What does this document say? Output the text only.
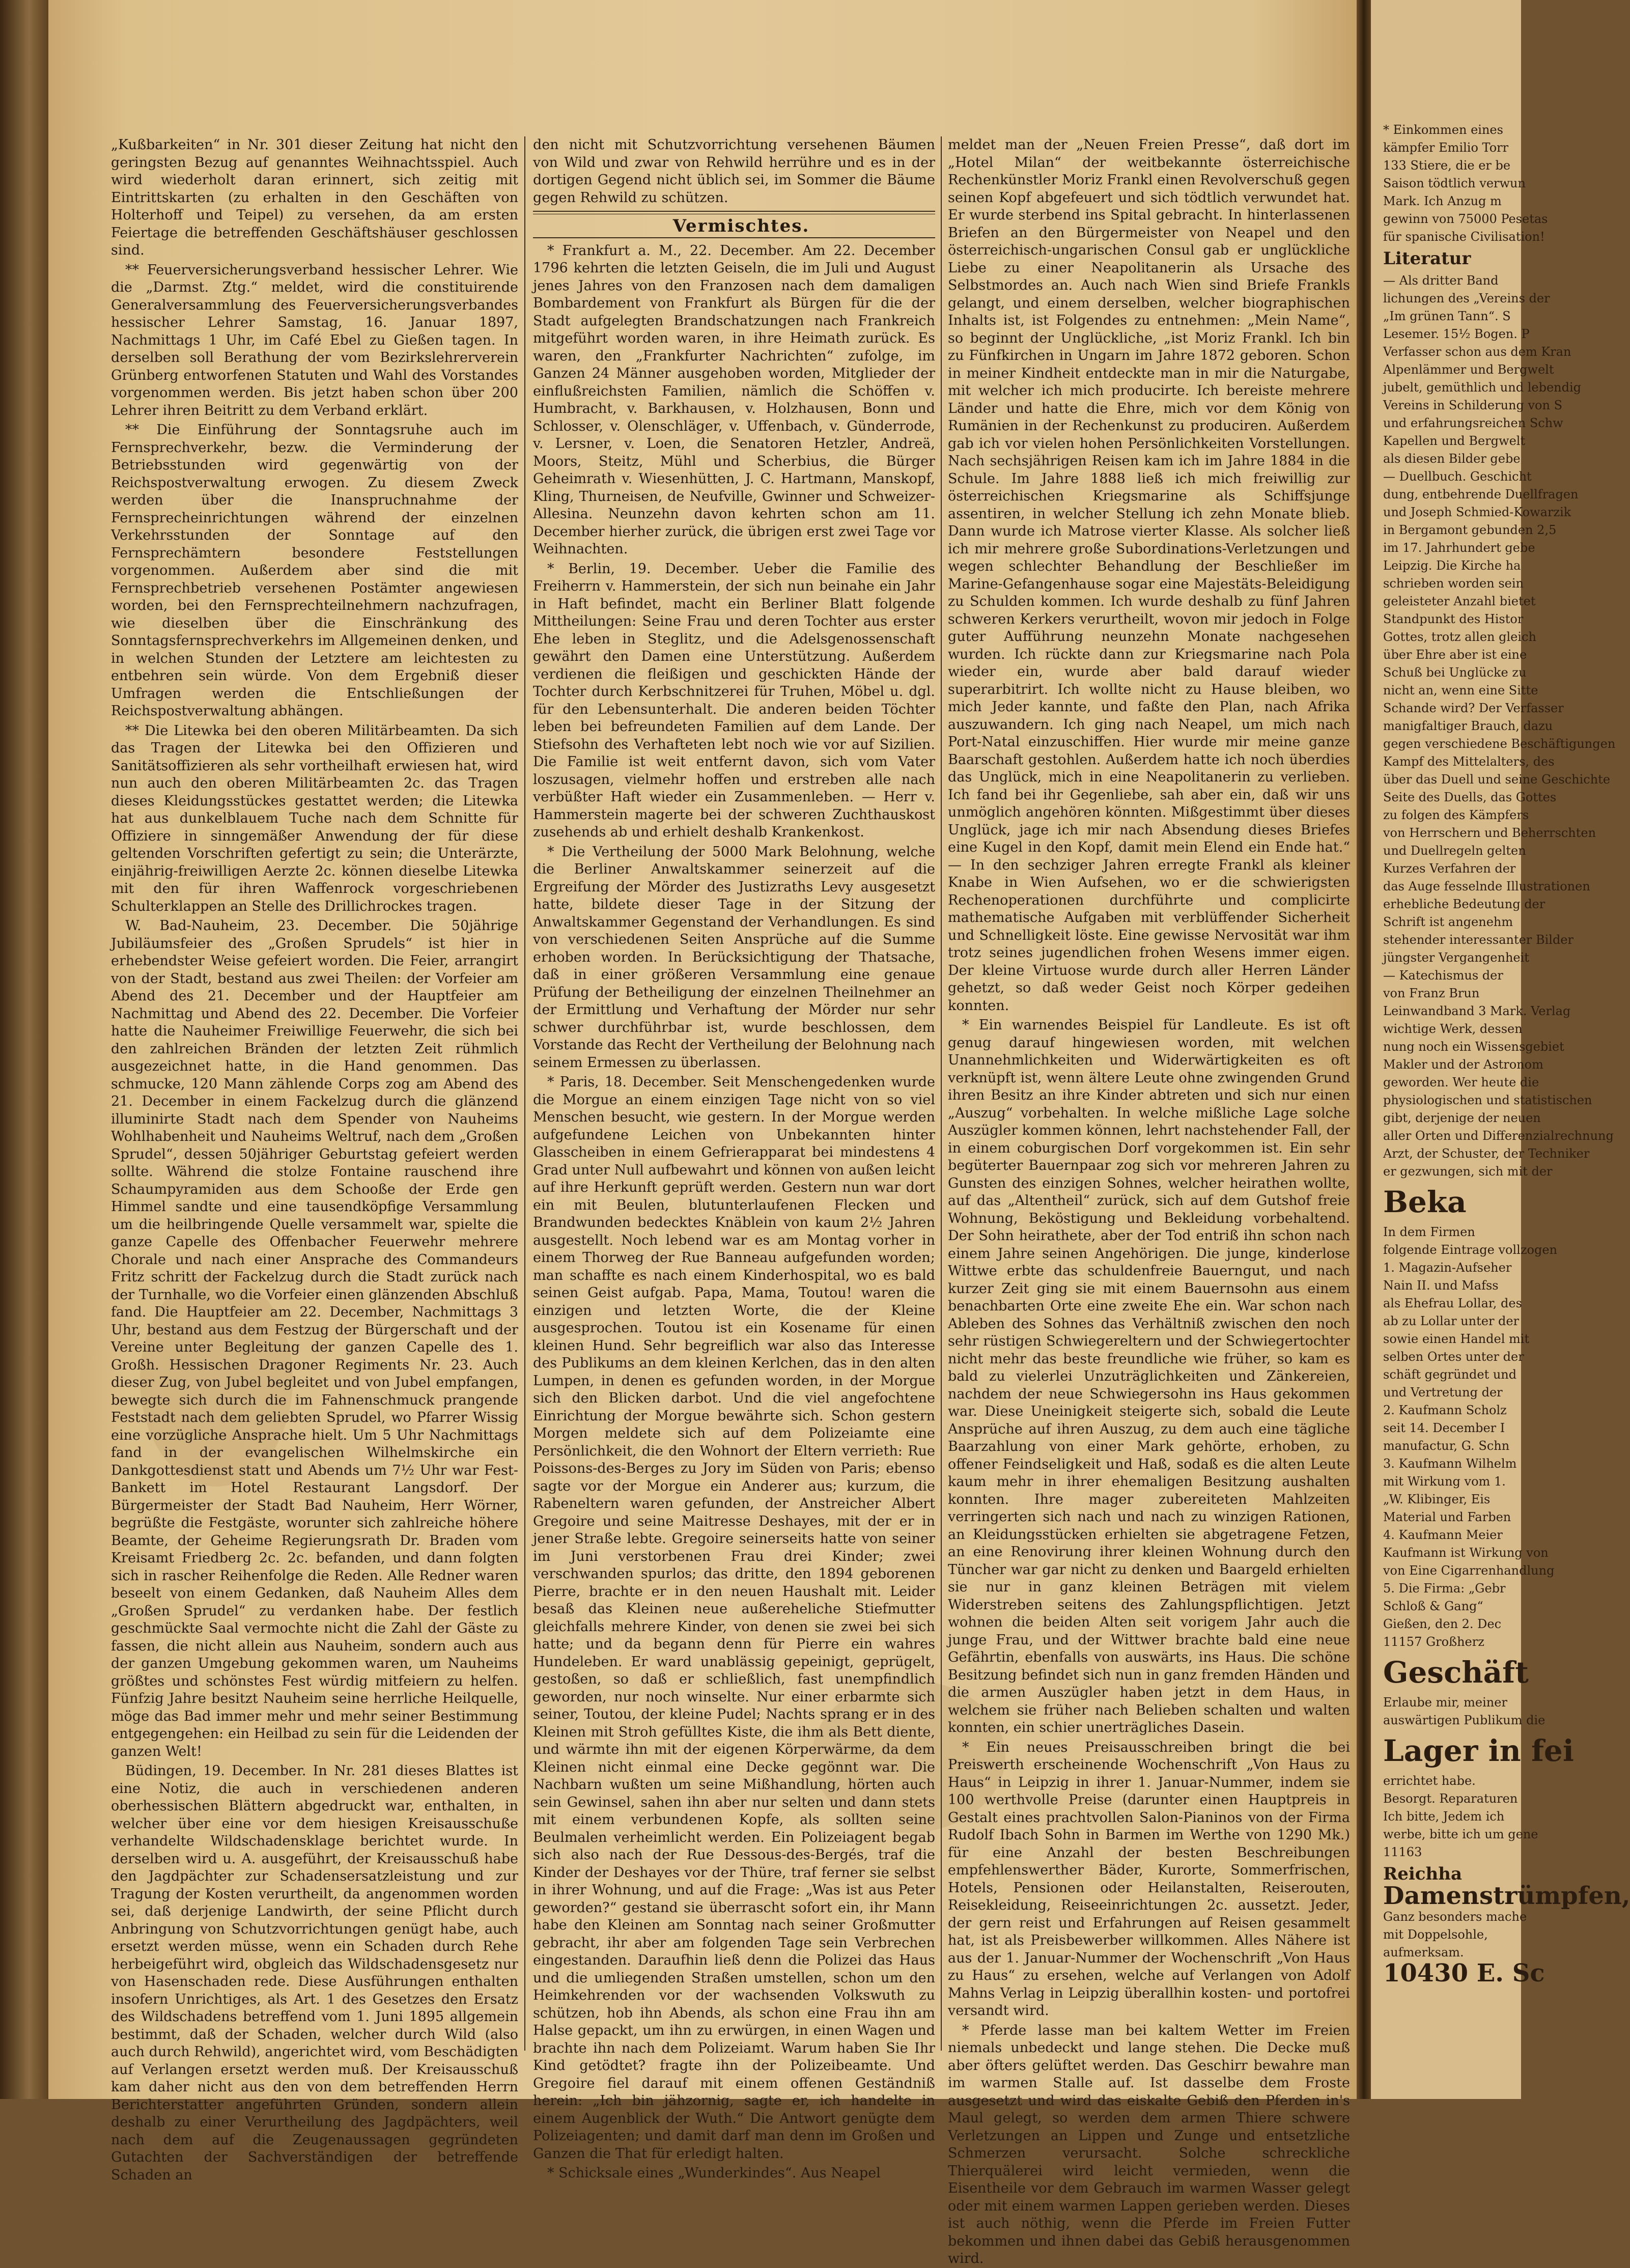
„Kußbarkeiten“ in Nr. 301 dieser Zeitung hat nicht den geringsten Bezug auf genanntes Weihnachtsspiel. Auch wird wiederholt daran erinnert, sich zeitig mit Eintrittskarten (zu erhalten in den Geschäften von Holterhoff und Teipel) zu versehen, da am ersten Feiertage die betreffenden Geschäftshäuser geschlossen sind.

** Feuerversicherungsverband hessischer Lehrer. Wie die „Darmst. Ztg.“ meldet, wird die constituirende Generalversammlung des Feuerversicherungsverbandes hessischer Lehrer Samstag, 16. Januar 1897, Nachmittags 1 Uhr, im Café Ebel zu Gießen tagen. In derselben soll Berathung der vom Bezirkslehrerverein Grünberg entworfenen Statuten und Wahl des Vorstandes vorgenommen werden. Bis jetzt haben schon über 200 Lehrer ihren Beitritt zu dem Verband erklärt.

** Die Einführung der Sonntagsruhe auch im Fernsprechverkehr, bezw. die Verminderung der Betriebsstunden wird gegenwärtig von der Reichspostverwaltung erwogen. Zu diesem Zweck werden über die Inanspruchnahme der Fernsprecheinrichtungen während der einzelnen Verkehrsstunden der Sonntage auf den Fernsprechämtern besondere Feststellungen vorgenommen. Außerdem aber sind die mit Fernsprechbetrieb versehenen Postämter angewiesen worden, bei den Fernsprechteilnehmern nachzufragen, wie dieselben über die Einschränkung des Sonntagsfernsprechverkehrs im Allgemeinen denken, und in welchen Stunden der Letztere am leichtesten zu entbehren sein würde. Von dem Ergebniß dieser Umfragen werden die Entschließungen der Reichspostverwaltung abhängen.

** Die Litewka bei den oberen Militärbeamten. Da sich das Tragen der Litewka bei den Offizieren und Sanitätsoffizieren als sehr vortheilhaft erwiesen hat, wird nun auch den oberen Militärbeamten 2c. das Tragen dieses Kleidungsstückes gestattet werden; die Litewka hat aus dunkelblauem Tuche nach dem Schnitte für Offiziere in sinngemäßer Anwendung der für diese geltenden Vorschriften gefertigt zu sein; die Unterärzte, einjährig-freiwilligen Aerzte 2c. können dieselbe Litewka mit den für ihren Waffenrock vorgeschriebenen Schulterklappen an Stelle des Drillichrockes tragen.

W. Bad-Nauheim, 23. December. Die 50jährige Jubiläumsfeier des „Großen Sprudels“ ist hier in erhebendster Weise gefeiert worden. Die Feier, arrangirt von der Stadt, bestand aus zwei Theilen: der Vorfeier am Abend des 21. December und der Hauptfeier am Nachmittag und Abend des 22. December. Die Vorfeier hatte die Nauheimer Freiwillige Feuerwehr, die sich bei den zahlreichen Bränden der letzten Zeit rühmlich ausgezeichnet hatte, in die Hand genommen. Das schmucke, 120 Mann zählende Corps zog am Abend des 21. December in einem Fackelzug durch die glänzend illuminirte Stadt nach dem Spender von Nauheims Wohlhabenheit und Nauheims Weltruf, nach dem „Großen Sprudel“, dessen 50jähriger Geburtstag gefeiert werden sollte. Während die stolze Fontaine rauschend ihre Schaumpyramiden aus dem Schooße der Erde gen Himmel sandte und eine tausendköpfige Versammlung um die heilbringende Quelle versammelt war, spielte die ganze Capelle des Offenbacher Feuerwehr mehrere Chorale und nach einer Ansprache des Commandeurs Fritz schritt der Fackelzug durch die Stadt zurück nach der Turnhalle, wo die Vorfeier einen glänzenden Abschluß fand. Die Hauptfeier am 22. December, Nachmittags 3 Uhr, bestand aus dem Festzug der Bürgerschaft und der Vereine unter Begleitung der ganzen Capelle des 1. Großh. Hessischen Dragoner Regiments Nr. 23. Auch dieser Zug, von Jubel begleitet und von Jubel empfangen, bewegte sich durch die im Fahnenschmuck prangende Feststadt nach dem geliebten Sprudel, wo Pfarrer Wissig eine vorzügliche Ansprache hielt. Um 5 Uhr Nachmittags fand in der evangelischen Wilhelmskirche ein Dankgottesdienst statt und Abends um 7½ Uhr war Fest-Bankett im Hotel Restaurant Langsdorf. Der Bürgermeister der Stadt Bad Nauheim, Herr Wörner, begrüßte die Festgäste, worunter sich zahlreiche höhere Beamte, der Geheime Regierungsrath Dr. Braden vom Kreisamt Friedberg 2c. 2c. befanden, und dann folgten sich in rascher Reihenfolge die Reden. Alle Redner waren beseelt von einem Gedanken, daß Nauheim Alles dem „Großen Sprudel“ zu verdanken habe. Der festlich geschmückte Saal vermochte nicht die Zahl der Gäste zu fassen, die nicht allein aus Nauheim, sondern auch aus der ganzen Umgebung gekommen waren, um Nauheims größtes und schönstes Fest würdig mitfeiern zu helfen. Fünfzig Jahre besitzt Nauheim seine herrliche Heilquelle, möge das Bad immer mehr und mehr seiner Bestimmung entgegengehen: ein Heilbad zu sein für die Leidenden der ganzen Welt!

Büdingen, 19. December. In Nr. 281 dieses Blattes ist eine Notiz, die auch in verschiedenen anderen oberhessischen Blättern abgedruckt war, enthalten, in welcher über eine vor dem hiesigen Kreisausschuße verhandelte Wildschadensklage berichtet wurde. In derselben wird u. A. ausgeführt, der Kreisausschuß habe den Jagdpächter zur Schadensersatzleistung und zur Tragung der Kosten verurtheilt, da angenommen worden sei, daß derjenige Landwirth, der seine Pflicht durch Anbringung von Schutzvorrichtungen genügt habe, auch ersetzt werden müsse, wenn ein Schaden durch Rehe herbeigeführt wird, obgleich das Wildschadensgesetz nur von Hasenschaden rede. Diese Ausführungen enthalten insofern Unrichtiges, als Art. 1 des Gesetzes den Ersatz des Wildschadens betreffend vom 1. Juni 1895 allgemein bestimmt, daß der Schaden, welcher durch Wild (also auch durch Rehwild), angerichtet wird, vom Beschädigten auf Verlangen ersetzt werden muß. Der Kreisausschuß kam daher nicht aus den von dem betreffenden Herrn Berichterstatter angeführten Gründen, sondern allein deshalb zu einer Verurtheilung des Jagdpächters, weil nach dem auf die Zeugenaussagen gegründeten Gutachten der Sachverständigen der betreffende Schaden an

den nicht mit Schutzvorrichtung versehenen Bäumen von Wild und zwar von Rehwild herrühre und es in der dortigen Gegend nicht üblich sei, im Sommer die Bäume gegen Rehwild zu schützen.

Vermischtes.

* Frankfurt a. M., 22. December. Am 22. December 1796 kehrten die letzten Geiseln, die im Juli und August jenes Jahres von den Franzosen nach dem damaligen Bombardement von Frankfurt als Bürgen für die der Stadt aufgelegten Brandschatzungen nach Frankreich mitgeführt worden waren, in ihre Heimath zurück. Es waren, den „Frankfurter Nachrichten“ zufolge, im Ganzen 24 Männer ausgehoben worden, Mitglieder der einflußreichsten Familien, nämlich die Schöffen v. Humbracht, v. Barkhausen, v. Holzhausen, Bonn und Schlosser, v. Olenschläger, v. Uffenbach, v. Günderrode, v. Lersner, v. Loen, die Senatoren Hetzler, Andreä, Moors, Steitz, Mühl und Scherbius, die Bürger Geheimrath v. Wiesenhütten, J. C. Hartmann, Manskopf, Kling, Thurneisen, de Neufville, Gwinner und Schweizer-Allesina. Neunzehn davon kehrten schon am 11. December hierher zurück, die übrigen erst zwei Tage vor Weihnachten.

* Berlin, 19. December. Ueber die Familie des Freiherrn v. Hammerstein, der sich nun beinahe ein Jahr in Haft befindet, macht ein Berliner Blatt folgende Mittheilungen: Seine Frau und deren Tochter aus erster Ehe leben in Steglitz, und die Adelsgenossenschaft gewährt den Damen eine Unterstützung. Außerdem verdienen die fleißigen und geschickten Hände der Tochter durch Kerbschnitzerei für Truhen, Möbel u. dgl. für den Lebensunterhalt. Die anderen beiden Töchter leben bei befreundeten Familien auf dem Lande. Der Stiefsohn des Verhafteten lebt noch wie vor auf Sizilien. Die Familie ist weit entfernt davon, sich vom Vater loszusagen, vielmehr hoffen und erstreben alle nach verbüßter Haft wieder ein Zusammenleben. — Herr v. Hammerstein magerte bei der schweren Zuchthauskost zusehends ab und erhielt deshalb Krankenkost.

* Die Vertheilung der 5000 Mark Belohnung, welche die Berliner Anwaltskammer seinerzeit auf die Ergreifung der Mörder des Justizraths Levy ausgesetzt hatte, bildete dieser Tage in der Sitzung der Anwaltskammer Gegenstand der Verhandlungen. Es sind von verschiedenen Seiten Ansprüche auf die Summe erhoben worden. In Berücksichtigung der Thatsache, daß in einer größeren Versammlung eine genaue Prüfung der Betheiligung der einzelnen Theilnehmer an der Ermittlung und Verhaftung der Mörder nur sehr schwer durchführbar ist, wurde beschlossen, dem Vorstande das Recht der Vertheilung der Belohnung nach seinem Ermessen zu überlassen.

* Paris, 18. December. Seit Menschengedenken wurde die Morgue an einem einzigen Tage nicht von so viel Menschen besucht, wie gestern. In der Morgue werden aufgefundene Leichen von Unbekannten hinter Glasscheiben in einem Gefrierapparat bei mindestens 4 Grad unter Null aufbewahrt und können von außen leicht auf ihre Herkunft geprüft werden. Gestern nun war dort ein mit Beulen, blutunterlaufenen Flecken und Brandwunden bedecktes Knäblein von kaum 2½ Jahren ausgestellt. Noch lebend war es am Montag vorher in einem Thorweg der Rue Banneau aufgefunden worden; man schaffte es nach einem Kinderhospital, wo es bald seinen Geist aufgab. Papa, Mama, Toutou! waren die einzigen und letzten Worte, die der Kleine ausgesprochen. Toutou ist ein Kosename für einen kleinen Hund. Sehr begreiflich war also das Interesse des Publikums an dem kleinen Kerlchen, das in den alten Lumpen, in denen es gefunden worden, in der Morgue sich den Blicken darbot. Und die viel angefochtene Einrichtung der Morgue bewährte sich. Schon gestern Morgen meldete sich auf dem Polizeiamte eine Persönlichkeit, die den Wohnort der Eltern verrieth: Rue Poissons-des-Berges zu Jory im Süden von Paris; ebenso sagte vor der Morgue ein Anderer aus; kurzum, die Rabeneltern waren gefunden, der Anstreicher Albert Gregoire und seine Maitresse Deshayes, mit der er in jener Straße lebte. Gregoire seinerseits hatte von seiner im Juni verstorbenen Frau drei Kinder; zwei verschwanden spurlos; das dritte, den 1894 geborenen Pierre, brachte er in den neuen Haushalt mit. Leider besaß das Kleinen neue außereheliche Stiefmutter gleichfalls mehrere Kinder, von denen sie zwei bei sich hatte; und da begann denn für Pierre ein wahres Hundeleben. Er ward unablässig gepeinigt, geprügelt, gestoßen, so daß er schließlich, fast unempfindlich geworden, nur noch winselte. Nur einer erbarmte sich seiner, Toutou, der kleine Pudel; Nachts sprang er in des Kleinen mit Stroh gefülltes Kiste, die ihm als Bett diente, und wärmte ihn mit der eigenen Körperwärme, da dem Kleinen nicht einmal eine Decke gegönnt war. Die Nachbarn wußten um seine Mißhandlung, hörten auch sein Gewinsel, sahen ihn aber nur selten und dann stets mit einem verbundenen Kopfe, als sollten seine Beulmalen verheimlicht werden. Ein Polizeiagent begab sich also nach der Rue Dessous-des-Bergés, traf die Kinder der Deshayes vor der Thüre, traf ferner sie selbst in ihrer Wohnung, und auf die Frage: „Was ist aus Peter geworden?“ gestand sie überrascht sofort ein, ihr Mann habe den Kleinen am Sonntag nach seiner Großmutter gebracht, ihr aber am folgenden Tage sein Verbrechen eingestanden. Daraufhin ließ denn die Polizei das Haus und die umliegenden Straßen umstellen, schon um den Heimkehrenden vor der wachsenden Volkswuth zu schützen, hob ihn Abends, als schon eine Frau ihn am Halse gepackt, um ihn zu erwürgen, in einen Wagen und brachte ihn nach dem Polizeiamt. Warum haben Sie Ihr Kind getödtet? fragte ihn der Polizeibeamte. Und Gregoire fiel darauf mit einem offenen Geständniß herein: „Ich bin jähzornig, sagte er, ich handelte in einem Augenblick der Wuth.“ Die Antwort genügte dem Polizeiagenten; und damit darf man denn im Großen und Ganzen die That für erledigt halten.

* Schicksale eines „Wunderkindes“. Aus Neapel

meldet man der „Neuen Freien Presse“, daß dort im „Hotel Milan“ der weitbekannte österreichische Rechenkünstler Moriz Frankl einen Revolverschuß gegen seinen Kopf abgefeuert und sich tödtlich verwundet hat. Er wurde sterbend ins Spital gebracht. In hinterlassenen Briefen an den Bürgermeister von Neapel und den österreichisch-ungarischen Consul gab er unglückliche Liebe zu einer Neapolitanerin als Ursache des Selbstmordes an. Auch nach Wien sind Briefe Frankls gelangt, und einem derselben, welcher biographischen Inhalts ist, ist Folgendes zu entnehmen: „Mein Name“, so beginnt der Unglückliche, „ist Moriz Frankl. Ich bin zu Fünfkirchen in Ungarn im Jahre 1872 geboren. Schon in meiner Kindheit entdeckte man in mir die Naturgabe, mit welcher ich mich producirte. Ich bereiste mehrere Länder und hatte die Ehre, mich vor dem König von Rumänien in der Rechenkunst zu produciren. Außerdem gab ich vor vielen hohen Persönlichkeiten Vorstellungen. Nach sechsjährigen Reisen kam ich im Jahre 1884 in die Schule. Im Jahre 1888 ließ ich mich freiwillig zur österreichischen Kriegsmarine als Schiffsjunge assentiren, in welcher Stellung ich zehn Monate blieb. Dann wurde ich Matrose vierter Klasse. Als solcher ließ ich mir mehrere große Subordinations-Verletzungen und wegen schlechter Behandlung der Beschließer im Marine-Gefangenhause sogar eine Majestäts-Beleidigung zu Schulden kommen. Ich wurde deshalb zu fünf Jahren schweren Kerkers verurtheilt, wovon mir jedoch in Folge guter Aufführung neunzehn Monate nachgesehen wurden. Ich rückte dann zur Kriegsmarine nach Pola wieder ein, wurde aber bald darauf wieder superarbitrirt. Ich wollte nicht zu Hause bleiben, wo mich Jeder kannte, und faßte den Plan, nach Afrika auszuwandern. Ich ging nach Neapel, um mich nach Port-Natal einzuschiffen. Hier wurde mir meine ganze Baarschaft gestohlen. Außerdem hatte ich noch überdies das Unglück, mich in eine Neapolitanerin zu verlieben. Ich fand bei ihr Gegenliebe, sah aber ein, daß wir uns unmöglich angehören könnten. Mißgestimmt über dieses Unglück, jage ich mir nach Absendung dieses Briefes eine Kugel in den Kopf, damit mein Elend ein Ende hat.“ — In den sechziger Jahren erregte Frankl als kleiner Knabe in Wien Aufsehen, wo er die schwierigsten Rechenoperationen durchführte und complicirte mathematische Aufgaben mit verblüffender Sicherheit und Schnelligkeit löste. Eine gewisse Nervosität war ihm trotz seines jugendlichen frohen Wesens immer eigen. Der kleine Virtuose wurde durch aller Herren Länder gehetzt, so daß weder Geist noch Körper gedeihen konnten.

* Ein warnendes Beispiel für Landleute. Es ist oft genug darauf hingewiesen worden, mit welchen Unannehmlichkeiten und Widerwärtigkeiten es oft verknüpft ist, wenn ältere Leute ohne zwingenden Grund ihren Besitz an ihre Kinder abtreten und sich nur einen „Auszug“ vorbehalten. In welche mißliche Lage solche Auszügler kommen können, lehrt nachstehender Fall, der in einem coburgischen Dorf vorgekommen ist. Ein sehr begüterter Bauernpaar zog sich vor mehreren Jahren zu Gunsten des einzigen Sohnes, welcher heirathen wollte, auf das „Altentheil“ zurück, sich auf dem Gutshof freie Wohnung, Beköstigung und Bekleidung vorbehaltend. Der Sohn heirathete, aber der Tod entriß ihn schon nach einem Jahre seinen Angehörigen. Die junge, kinderlose Wittwe erbte das schuldenfreie Bauerngut, und nach kurzer Zeit ging sie mit einem Bauernsohn aus einem benachbarten Orte eine zweite Ehe ein. War schon nach Ableben des Sohnes das Verhältniß zwischen den noch sehr rüstigen Schwiegereltern und der Schwiegertochter nicht mehr das beste freundliche wie früher, so kam es bald zu vielerlei Unzuträglichkeiten und Zänkereien, nachdem der neue Schwiegersohn ins Haus gekommen war. Diese Uneinigkeit steigerte sich, sobald die Leute Ansprüche auf ihren Auszug, zu dem auch eine tägliche Baarzahlung von einer Mark gehörte, erhoben, zu offener Feindseligkeit und Haß, sodaß es die alten Leute kaum mehr in ihrer ehemaligen Besitzung aushalten konnten. Ihre mager zubereiteten Mahlzeiten verringerten sich nach und nach zu winzigen Rationen, an Kleidungsstücken erhielten sie abgetragene Fetzen, an eine Renovirung ihrer kleinen Wohnung durch den Tüncher war gar nicht zu denken und Baargeld erhielten sie nur in ganz kleinen Beträgen mit vielem Widerstreben seitens des Zahlungspflichtigen. Jetzt wohnen die beiden Alten seit vorigem Jahr auch die junge Frau, und der Wittwer brachte bald eine neue Gefährtin, ebenfalls von auswärts, ins Haus. Die schöne Besitzung befindet sich nun in ganz fremden Händen und die armen Auszügler haben jetzt in dem Haus, in welchem sie früher nach Belieben schalten und walten konnten, ein schier unerträgliches Dasein.

* Ein neues Preisausschreiben bringt die bei Preiswerth erscheinende Wochenschrift „Von Haus zu Haus“ in Leipzig in ihrer 1. Januar-Nummer, indem sie 100 werthvolle Preise (darunter einen Hauptpreis in Gestalt eines prachtvollen Salon-Pianinos von der Firma Rudolf Ibach Sohn in Barmen im Werthe von 1290 Mk.) für eine Anzahl der besten Beschreibungen empfehlenswerther Bäder, Kurorte, Sommerfrischen, Hotels, Pensionen oder Heilanstalten, Reiserouten, Reisekleidung, Reiseeinrichtungen 2c. aussetzt. Jeder, der gern reist und Erfahrungen auf Reisen gesammelt hat, ist als Preisbewerber willkommen. Alles Nähere ist aus der 1. Januar-Nummer der Wochenschrift „Von Haus zu Haus“ zu ersehen, welche auf Verlangen von Adolf Mahns Verlag in Leipzig überallhin kosten- und portofrei versandt wird.

* Pferde lasse man bei kaltem Wetter im Freien niemals unbedeckt und lange stehen. Die Decke muß aber öfters gelüftet werden. Das Geschirr bewahre man im warmen Stalle auf. Ist dasselbe dem Froste ausgesetzt und wird das eiskalte Gebiß den Pferden in's Maul gelegt, so werden dem armen Thiere schwere Verletzungen an Lippen und Zunge und entsetzliche Schmerzen verursacht. Solche schreckliche Thierquälerei wird leicht vermieden, wenn die Eisentheile vor dem Gebrauch im warmen Wasser gelegt oder mit einem warmen Lappen gerieben werden. Dieses ist auch nöthig, wenn die Pferde im Freien Futter bekommen und ihnen dabei das Gebiß herausgenommen wird.

* Einkommen eines

kämpfer Emilio Torr

133 Stiere, die er be

Saison tödtlich verwun

Mark. Ich Anzug m

gewinn von 75000 Pesetas

für spanische Civilisation!

Literatur

— Als dritter Band

lichungen des „Vereins der

„Im grünen Tann“. S

Lesemer. 15½ Bogen. P

Verfasser schon aus dem Kran

Alpenlämmer und Bergwelt

jubelt, gemüthlich und lebendig

Vereins in Schilderung von S

und erfahrungsreichen Schw

Kapellen und Bergwelt

als diesen Bilder gebe

— Duellbuch. Geschicht

dung, entbehrende Duellfragen

und Joseph Schmied-Kowarzik

in Bergamont gebunden 2,5

im 17. Jahrhundert gebe

Leipzig. Die Kirche ha

schrieben worden sein

geleisteter Anzahl bietet

Standpunkt des Histor

Gottes, trotz allen gleich

über Ehre aber ist eine

Schuß bei Unglücke zu

nicht an, wenn eine Sitte

Schande wird? Der Verfasser

manigfaltiger Brauch, dazu

gegen verschiedene Beschäftigungen

Kampf des Mittelalters, des

über das Duell und seine Geschichte

Seite des Duells, das Gottes

zu folgen des Kämpfers

von Herrschern und Beherrschten

und Duellregeln gelten

Kurzes Verfahren der

das Auge fesselnde Illustrationen

erhebliche Bedeutung der

Schrift ist angenehm

stehender interessanter Bilder

jüngster Vergangenheit

— Katechismus der

von Franz Brun

Leinwandband 3 Mark. Verlag

wichtige Werk, dessen

nung noch ein Wissensgebiet

Makler und der Astronom

geworden. Wer heute die

physiologischen und statistischen

gibt, derjenige der neuen

aller Orten und Differenzialrechnung

Arzt, der Schuster, der Techniker

er gezwungen, sich mit der

Beka

In dem Firmen

folgende Eintrage vollzogen

1. Magazin-Aufseher

Nain II. und Mafss

als Ehefrau Lollar, des

ab zu Lollar unter der

sowie einen Handel mit

selben Ortes unter der

schäft gegründet und

und Vertretung der

2. Kaufmann Scholz

seit 14. December I

manufactur, G. Schn

3. Kaufmann Wilhelm

mit Wirkung vom 1.

„W. Klibinger, Eis

Material und Farben

4. Kaufmann Meier

Kaufmann ist Wirkung von

von Eine Cigarrenhandlung

5. Die Firma: „Gebr

Schloß & Gang“

Gießen, den 2. Dec

11157 Großherz

Geschäft

Erlaube mir, meiner

auswärtigen Publikum die

Lager in fei

errichtet habe.

Besorgt. Reparaturen

Ich bitte, Jedem ich

werbe, bitte ich um gene

11163

Reichha

Damenstrümpfen,

Ganz besonders mache

mit Doppelsohle,

aufmerksam.

10430 E. Sc
